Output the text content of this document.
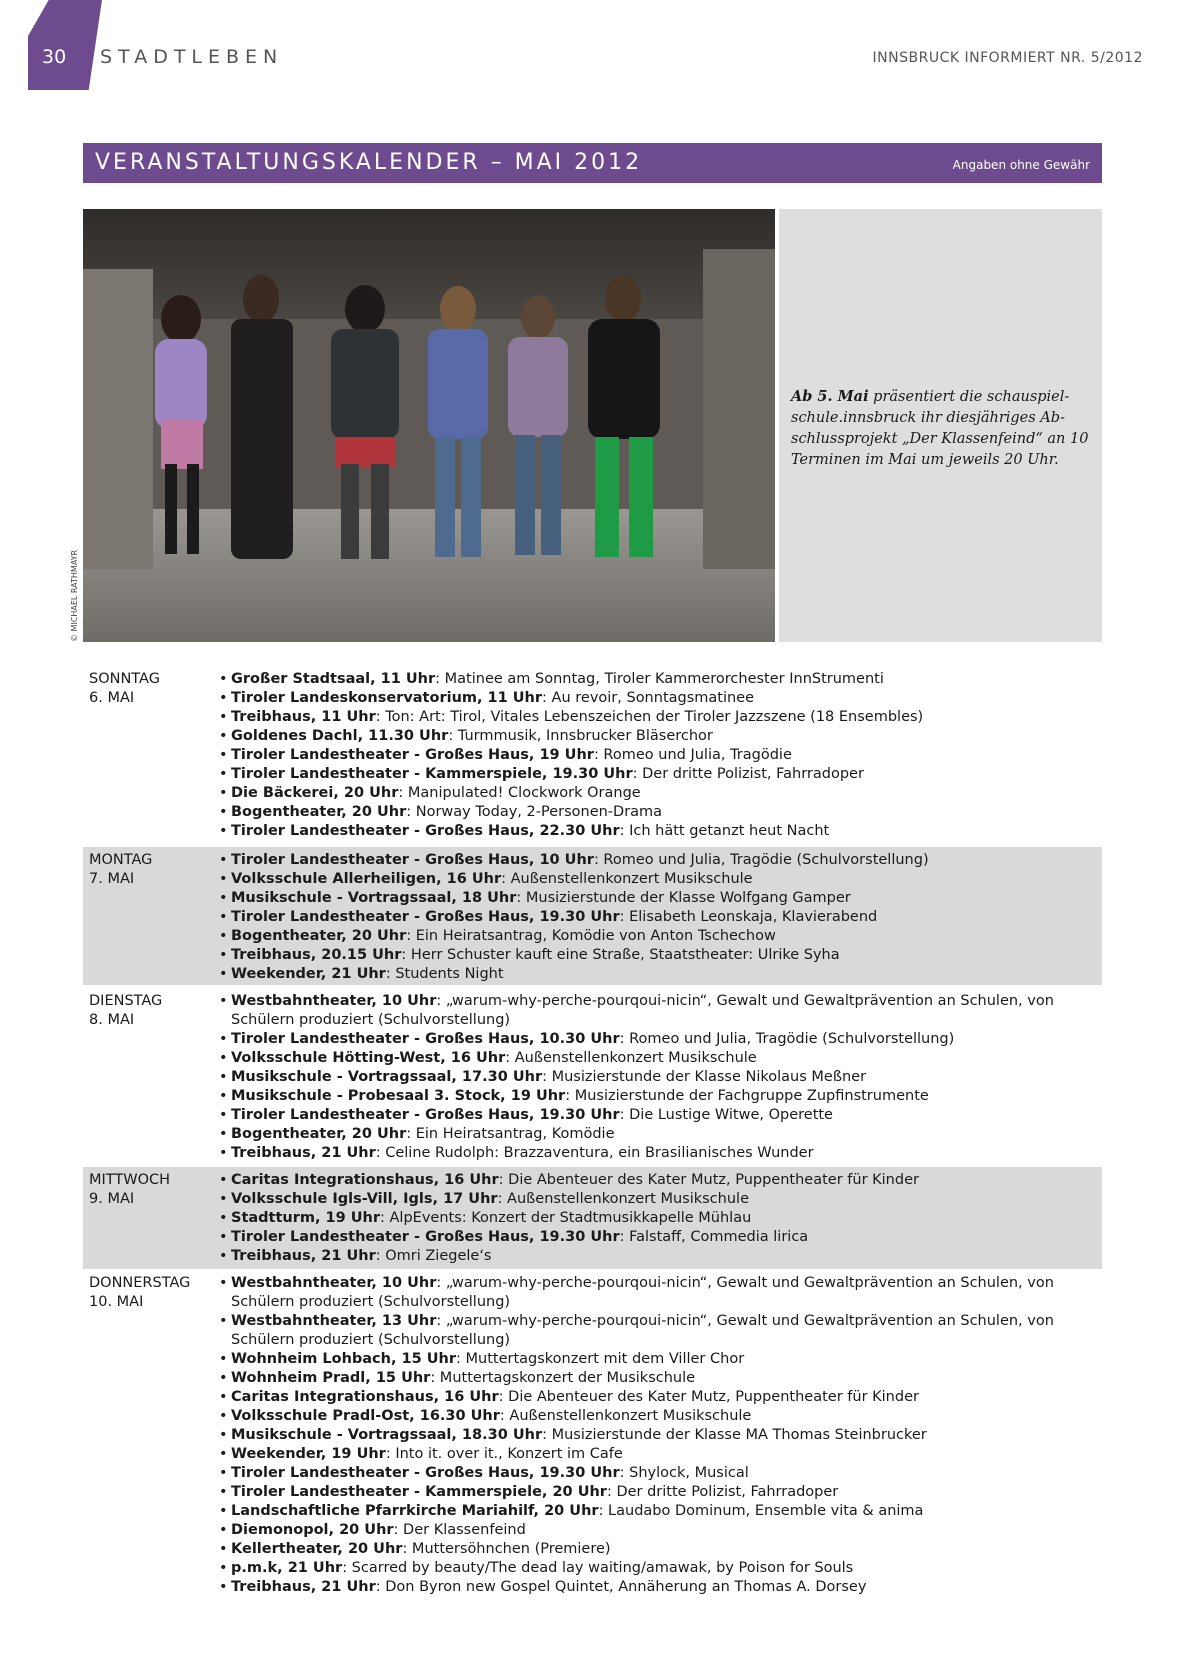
30 STADTLEBEN	INNSBRUCK INFORMIERT NR. 5/2012
VERANSTALTUNGSKALENDER – MAI 2012	Angaben ohne Gewähr
© MICHAEL RATHMAYR
Ab 5. Mai präsentiert die schauspiel-schule.innsbruck ihr diesjähriges Ab-schlussprojekt „Der Klassenfeind“ an 10 Terminen im Mai um jeweils 20 Uhr.
SONNTAG
6. MAI
• Großer Stadtsaal, 11 Uhr: Matinee am Sonntag, Tiroler Kammerorchester InnStrumenti
• Tiroler Landeskonservatorium, 11 Uhr: Au revoir, Sonntagsmatinee
• Treibhaus, 11 Uhr: Ton: Art: Tirol, Vitales Lebenszeichen der Tiroler Jazzszene (18 Ensembles)
• Goldenes Dachl, 11.30 Uhr: Turmmusik, Innsbrucker Bläserchor
• Tiroler Landestheater - Großes Haus, 19 Uhr: Romeo und Julia, Tragödie
• Tiroler Landestheater - Kammerspiele, 19.30 Uhr: Der dritte Polizist, Fahrradoper
• Die Bäckerei, 20 Uhr: Manipulated! Clockwork Orange
• Bogentheater, 20 Uhr: Norway Today, 2-Personen-Drama
• Tiroler Landestheater - Großes Haus, 22.30 Uhr: Ich hätt getanzt heut Nacht
MONTAG
7. MAI
• Tiroler Landestheater - Großes Haus, 10 Uhr: Romeo und Julia, Tragödie (Schulvorstellung)
• Volksschule Allerheiligen, 16 Uhr: Außenstellenkonzert Musikschule
• Musikschule - Vortragssaal, 18 Uhr: Musizierstunde der Klasse Wolfgang Gamper
• Tiroler Landestheater - Großes Haus, 19.30 Uhr: Elisabeth Leonskaja, Klavierabend
• Bogentheater, 20 Uhr: Ein Heiratsantrag, Komödie von Anton Tschechow
• Treibhaus, 20.15 Uhr: Herr Schuster kauft eine Straße, Staatstheater: Ulrike Syha
• Weekender, 21 Uhr: Students Night
DIENSTAG
8. MAI
• Westbahntheater, 10 Uhr: „warum-why-perche-pourqoui-nicin“, Gewalt und Gewaltprävention an Schulen, von Schülern produziert (Schulvorstellung)
• Tiroler Landestheater - Großes Haus, 10.30 Uhr: Romeo und Julia, Tragödie (Schulvorstellung)
• Volksschule Hötting-West, 16 Uhr: Außenstellenkonzert Musikschule
• Musikschule - Vortragssaal, 17.30 Uhr: Musizierstunde der Klasse Nikolaus Meßner
• Musikschule - Probesaal 3. Stock, 19 Uhr: Musizierstunde der Fachgruppe Zupfinstrumente
• Tiroler Landestheater - Großes Haus, 19.30 Uhr: Die Lustige Witwe, Operette
• Bogentheater, 20 Uhr: Ein Heiratsantrag, Komödie
• Treibhaus, 21 Uhr: Celine Rudolph: Brazzaventura, ein Brasilianisches Wunder
MITTWOCH
9. MAI
• Caritas Integrationshaus, 16 Uhr: Die Abenteuer des Kater Mutz, Puppentheater für Kinder
• Volksschule Igls-Vill, Igls, 17 Uhr: Außenstellenkonzert Musikschule
• Stadtturm, 19 Uhr: AlpEvents: Konzert der Stadtmusikkapelle Mühlau
• Tiroler Landestheater - Großes Haus, 19.30 Uhr: Falstaff, Commedia lirica
• Treibhaus, 21 Uhr: Omri Ziegele‘s
DONNERSTAG
10. MAI
• Westbahntheater, 10 Uhr: „warum-why-perche-pourqoui-nicin“, Gewalt und Gewaltprävention an Schulen, von Schülern produziert (Schulvorstellung)
• Westbahntheater, 13 Uhr: „warum-why-perche-pourqoui-nicin“, Gewalt und Gewaltprävention an Schulen, von Schülern produziert (Schulvorstellung)
• Wohnheim Lohbach, 15 Uhr: Muttertagskonzert mit dem Viller Chor
• Wohnheim Pradl, 15 Uhr: Muttertagskonzert der Musikschule
• Caritas Integrationshaus, 16 Uhr: Die Abenteuer des Kater Mutz, Puppentheater für Kinder
• Volksschule Pradl-Ost, 16.30 Uhr: Außenstellenkonzert Musikschule
• Musikschule - Vortragssaal, 18.30 Uhr: Musizierstunde der Klasse MA Thomas Steinbrucker
• Weekender, 19 Uhr: Into it. over it., Konzert im Cafe
• Tiroler Landestheater - Großes Haus, 19.30 Uhr: Shylock, Musical
• Tiroler Landestheater - Kammerspiele, 20 Uhr: Der dritte Polizist, Fahrradoper
• Landschaftliche Pfarrkirche Mariahilf, 20 Uhr: Laudabo Dominum, Ensemble vita & anima
• Diemonopol, 20 Uhr: Der Klassenfeind
• Kellertheater, 20 Uhr: Muttersöhnchen (Premiere)
• p.m.k, 21 Uhr: Scarred by beauty/The dead lay waiting/amawak, by Poison for Souls
• Treibhaus, 21 Uhr: Don Byron new Gospel Quintet, Annäherung an Thomas A. Dorsey
